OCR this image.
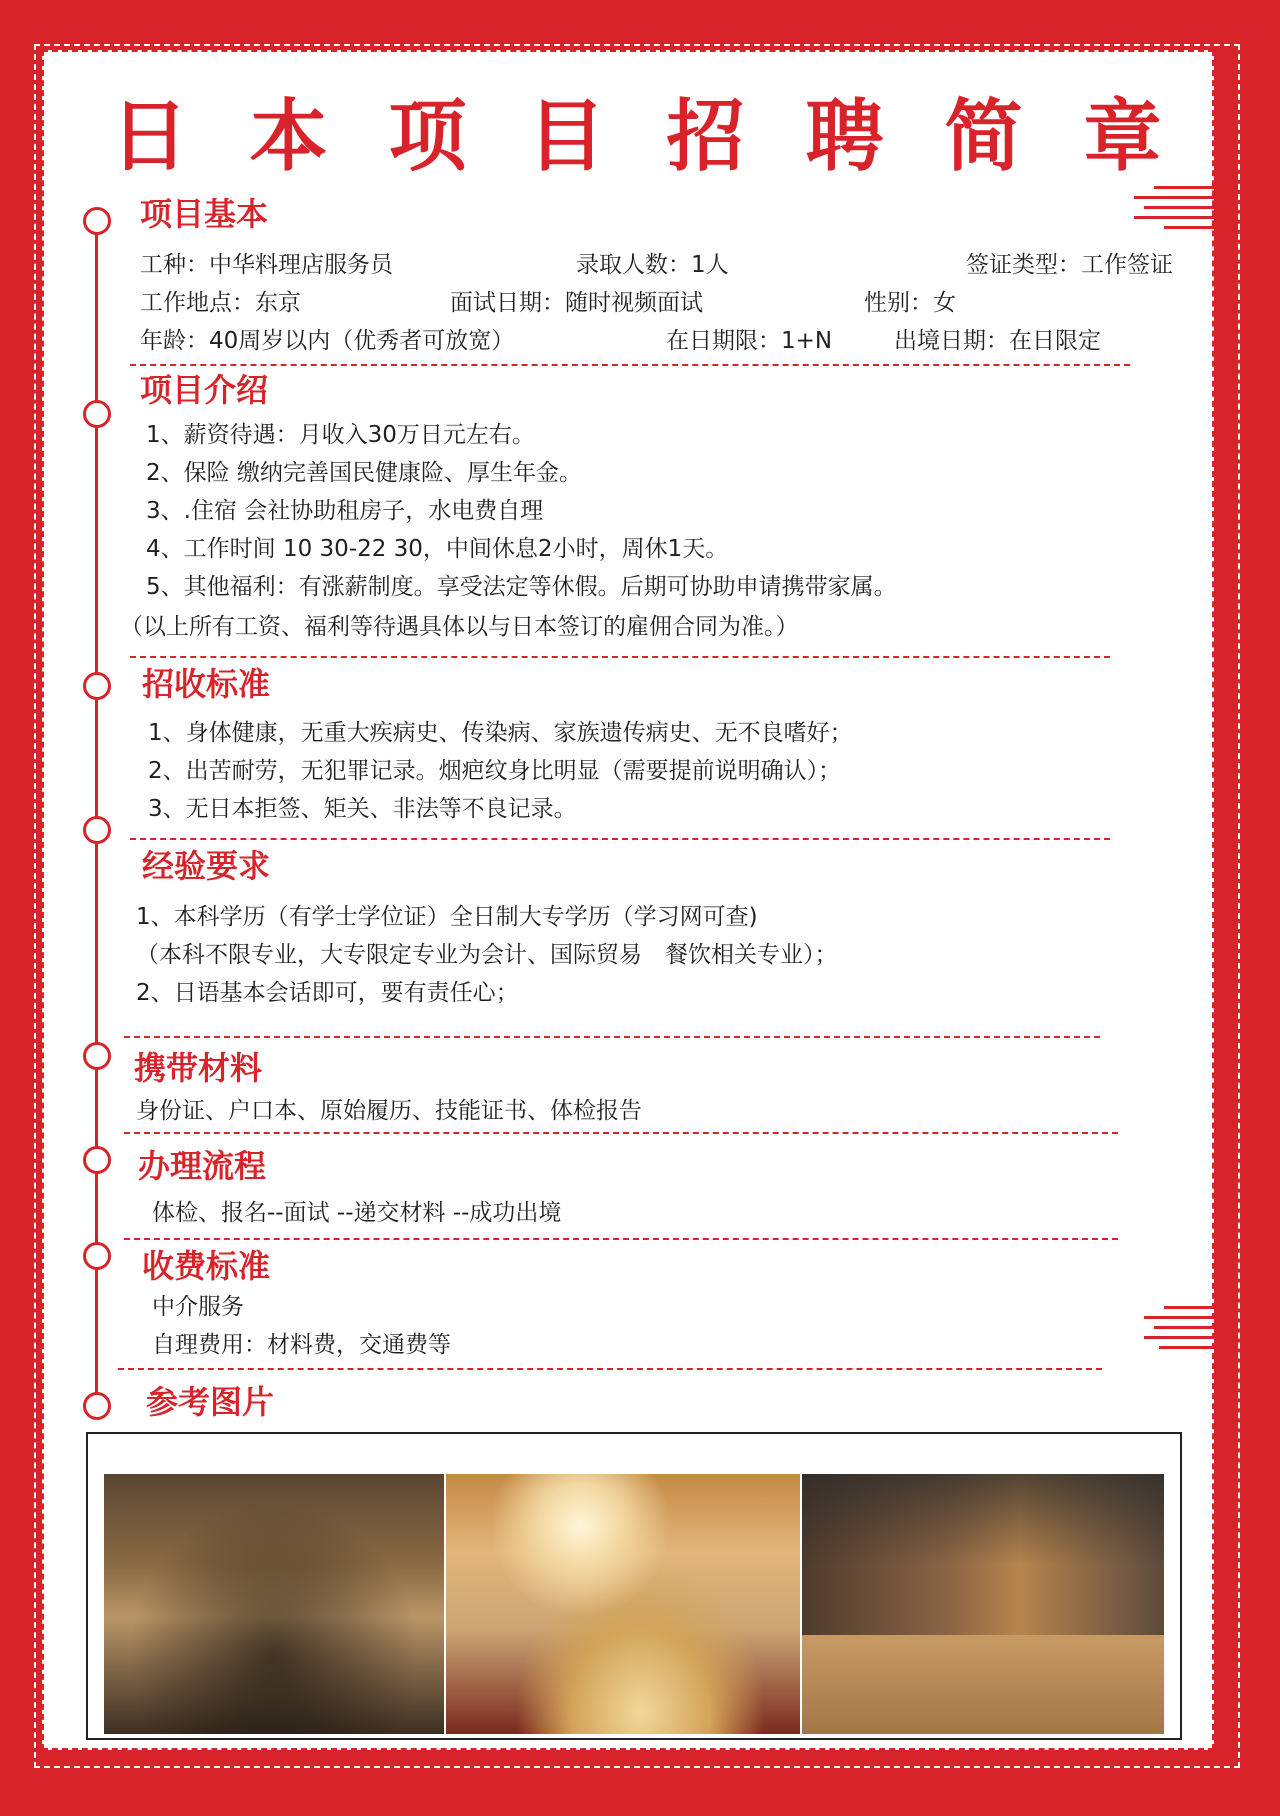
日 本 项 目 招 聘 简 章
项目基本
工种：中华料理店服务员	录取人数：1人	签证类型：工作签证
工作地点：东京	面试日期：随时视频面试	性别：女
年龄：40周岁以内（优秀者可放宽）	在日期限：1+N	出境日期：在日限定
项目介绍
1、薪资待遇：月收入30万日元左右。
2、保险 缴纳完善国民健康险、厚生年金。
3、.住宿 会社协助租房子，水电费自理
4、工作时间 10 30-22 30，中间休息2小时，周休1天。
5、其他福利：有涨薪制度。享受法定等休假。后期可协助申请携带家属。
（以上所有工资、福利等待遇具体以与日本签订的雇佣合同为准。）
招收标准
1、身体健康，无重大疾病史、传染病、家族遗传病史、无不良嗜好；
2、出苦耐劳，无犯罪记录。烟疤纹身比明显（需要提前说明确认）；
3、无日本拒签、矩关、非法等不良记录。
经验要求
1、本科学历（有学士学位证）全日制大专学历（学习网可查)
（本科不限专业，大专限定专业为会计、国际贸易　餐饮相关专业）；
2、日语基本会话即可，要有责任心；
携带材料
身份证、户口本、原始履历、技能证书、体检报告
办理流程
体检、报名--面试 --递交材料 --成功出境
收费标准
中介服务
自理费用：材料费，交通费等
参考图片
